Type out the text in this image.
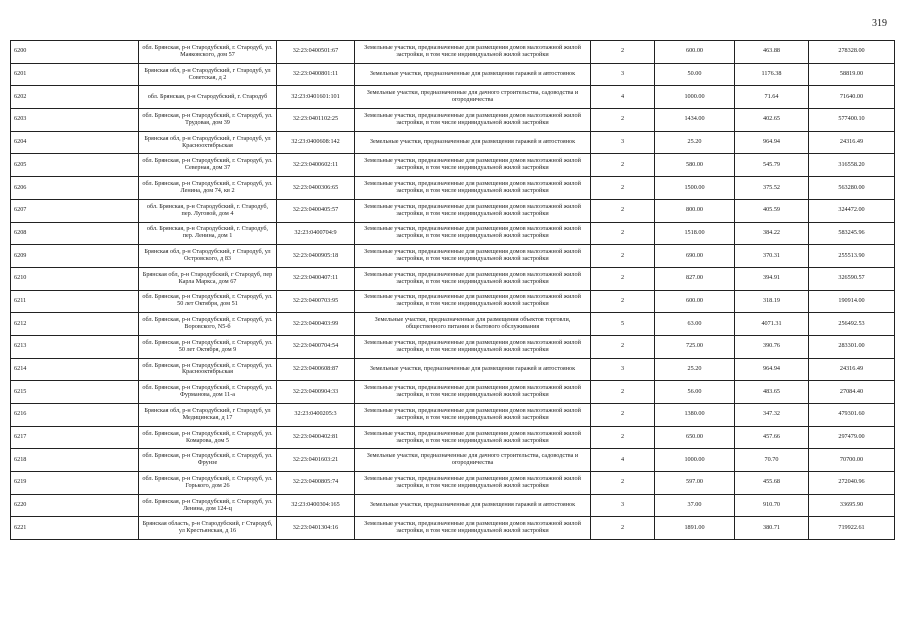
319
6200	обл. Брянская, р-н Стародубский, г. Стародуб, ул. Маяковского, дом 57	32:23:0400501:67	Земельные участки, предназначенные для размещения домов малоэтажной жилой застройки, в том числе индивидуальной жилой застройки	2	600.00	463.88	278328.00
6201	Брянская обл, р-н Стародубский, г Стародуб, ул Советская, д 2	32:23:0400801:11	Земельные участки, предназначенные для размещения гаражей и автостоянок	3	50.00	1176.38	58819.00
6202	обл. Брянская, р-н Стародубский, г. Стародуб	32:23:0401601:101	Земельные участки, предназначенные для дачного строительства, садоводства и огородничества	4	1000.00	71.64	71640.00
6203	обл. Брянская, р-н Стародубский, г. Стародуб, ул. Трудовая, дом 39	32:23:0401102:25	Земельные участки, предназначенные для размещения домов малоэтажной жилой застройки, в том числе индивидуальной жилой застройки	2	1434.00	402.65	577400.10
6204	Брянская обл, р-н Стародубский, г Стародуб, ул Красноохтябрьская	32:23:0400608:142	Земельные участки, предназначенные для размещения гаражей и автостоянок	3	25.20	964.94	24316.49
6205	обл. Брянская, р-н Стародубский, г. Стародуб, ул. Северная, дом 37	32:23:0400602:11	Земельные участки, предназначенные для размещения домов малоэтажной жилой застройки, в том числе индивидуальной жилой застройки	2	580.00	545.79	316558.20
6206	обл. Брянская, р-н Стародубский, г. Стародуб, ул. Ленина, дом 74, кв 2	32:23:0400306:65	Земельные участки, предназначенные для размещения домов малоэтажной жилой застройки, в том числе индивидуальной жилой застройки	2	1500.00	375.52	563280.00
6207	обл. Брянская, р-н Стародубский, г. Стародуб, пер. Луговой, дом 4	32:23:0400405:57	Земельные участки, предназначенные для размещения домов малоэтажной жилой застройки, в том числе индивидуальной жилой застройки	2	800.00	405.59	324472.00
6208	обл. Брянская, р-н Стародубский, г. Стародуб, пер. Ленина, дом 1	32:23:0400704:9	Земельные участки, предназначенные для размещения домов малоэтажной жилой застройки, в том числе индивидуальной жилой застройки	2	1518.00	384.22	583245.96
6209	Брянская обл, р-н Стародубский, г Стародуб, ул Островского, д 83	32:23:0400905:18	Земельные участки, предназначенные для размещения домов малоэтажной жилой застройки, в том числе индивидуальной жилой застройки	2	690.00	370.31	255513.90
6210	Брянская обл, р-н Стародубский, г Стародуб, пер Карла Маркса, дом 67	32:23:0400407:11	Земельные участки, предназначенные для размещения домов малоэтажной жилой застройки, в том числе индивидуальной жилой застройки	2	827.00	394.91	326590.57
6211	обл. Брянская, р-н Стародубский, г. Стародуб, ул. 50 лет Октября, дом 51	32:23:0400703:95	Земельные участки, предназначенные для размещения домов малоэтажной жилой застройки, в том числе индивидуальной жилой застройки	2	600.00	318.19	190914.00
6212	обл. Брянская, р-н Стародубский, г. Стародуб, ул. Воровского, N5-б	32:23:0400403:99	Земельные участки, предназначенные для размещения объектов торговли, общественного питания и бытового обслуживания	5	63.00	4071.31	256492.53
6213	обл. Брянская, р-н Стародубский, г. Стародуб, ул. 50 лет Октября, дом 9	32:23:0400704:54	Земельные участки, предназначенные для размещения домов малоэтажной жилой застройки, в том числе индивидуальной жилой застройки	2	725.00	390.76	283301.00
6214	обл. Брянская, р-н Стародубский, г. Стародуб, ул. Краснооктябрьская	32:23:0400608:87	Земельные участки, предназначенные для размещения гаражей и автостоянок	3	25.20	964.94	24316.49
6215	обл. Брянская, р-н Стародубский, г. Стародуб, ул. Фурманова, дом 11-а	32:23:0400904:33	Земельные участки, предназначенные для размещения домов малоэтажной жилой застройки, в том числе индивидуальной жилой застройки	2	56.00	483.65	27084.40
6216	Брянская обл, р-н Стародубский, г Стародуб, ул Медицинская, д 17	32:23:0400205:3	Земельные участки, предназначенные для размещения домов малоэтажной жилой застройки, в том числе индивидуальной жилой застройки	2	1380.00	347.32	479301.60
6217	обл. Брянская, р-н Стародубский, г. Стародуб, ул. Комарова, дом 5	32:23:0400402:81	Земельные участки, предназначенные для размещения домов малоэтажной жилой застройки, в том числе индивидуальной жилой застройки	2	650.00	457.66	297479.00
6218	обл. Брянская, р-н Стародубский, г. Стародуб, ул. Фрунзе	32:23:0401603:21	Земельные участки, предназначенные для дачного строительства, садоводства и огородничества	4	1000.00	70.70	70700.00
6219	обл. Брянская, р-н Стародубский, г. Стародуб, ул. Горького, дом 26	32:23:0400805:74	Земельные участки, предназначенные для размещения домов малоэтажной жилой застройки, в том числе индивидуальной жилой застройки	2	597.00	455.68	272040.96
6220	обл. Брянская, р-н Стародубский, г. Стародуб, ул. Ленина, дом 124-ц	32:23:0400304:165	Земельные участки, предназначенные для размещения гаражей и автостоянок	3	37.00	910.70	33695.90
6221	Брянская область, р-н Стародубский, г Стародуб, ул Крестьянская, д 16	32:23:0401304:16	Земельные участки, предназначенные для размещения домов малоэтажной жилой застройки, в том числе индивидуальной жилой застройки	2	1891.00	380.71	719922.61
